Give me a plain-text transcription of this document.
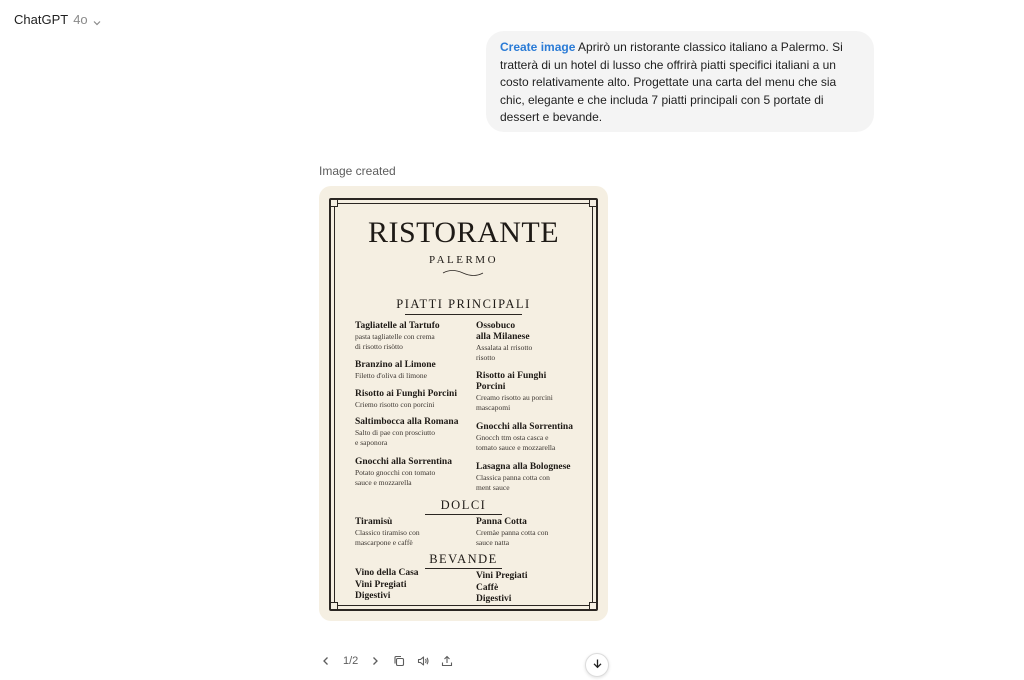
ChatGPT 4o
Create image Aprirò un ristorante classico italiano a Palermo. Si tratterà di un hotel di lusso che offrirà piatti specifici italiani a un costo relativamente alto. Progettate una carta del menu che sia chic, elegante e che includa 7 piatti principali con 5 portate di dessert e bevande.
Image created
RISTORANTE
PALERMO
PIATTI PRINCIPALI
Tagliatelle al Tartufo
pasta tagliatelle con crema
di risotto risòtto
Branzino al Limone
Filetto d'oliva di limone
Risotto ai Funghi Porcini
Criemo risotto con porcini
Saltimbocca alla Romana
Salto di pae con prosciutto
e saponora
Gnocchi alla Sorrentina
Potato gnocchi con tomato
sauce e mozzarella
Ossobuco
alla Milanese
Assalata al rrisotto
risotto
Risotto ai Funghi
Porcini
Creamo risotto au porcini
mascapomi
Gnocchi alla Sorrentina
Gnocch ttm osta casca e
tomato sauce e mozzarella
Lasagna alla Bolognese
Classica panna cotta con
ment sauce
DOLCI
Tiramisù
Classico tiramiso con
mascarpone e caffè
Panna Cotta
Cremàe panna cotta con
sauce natta
BEVANDE
Vino della Casa
Vini Pregiati
Digestivi
Vini Pregiati
Caffè
Digestivi
1/2
